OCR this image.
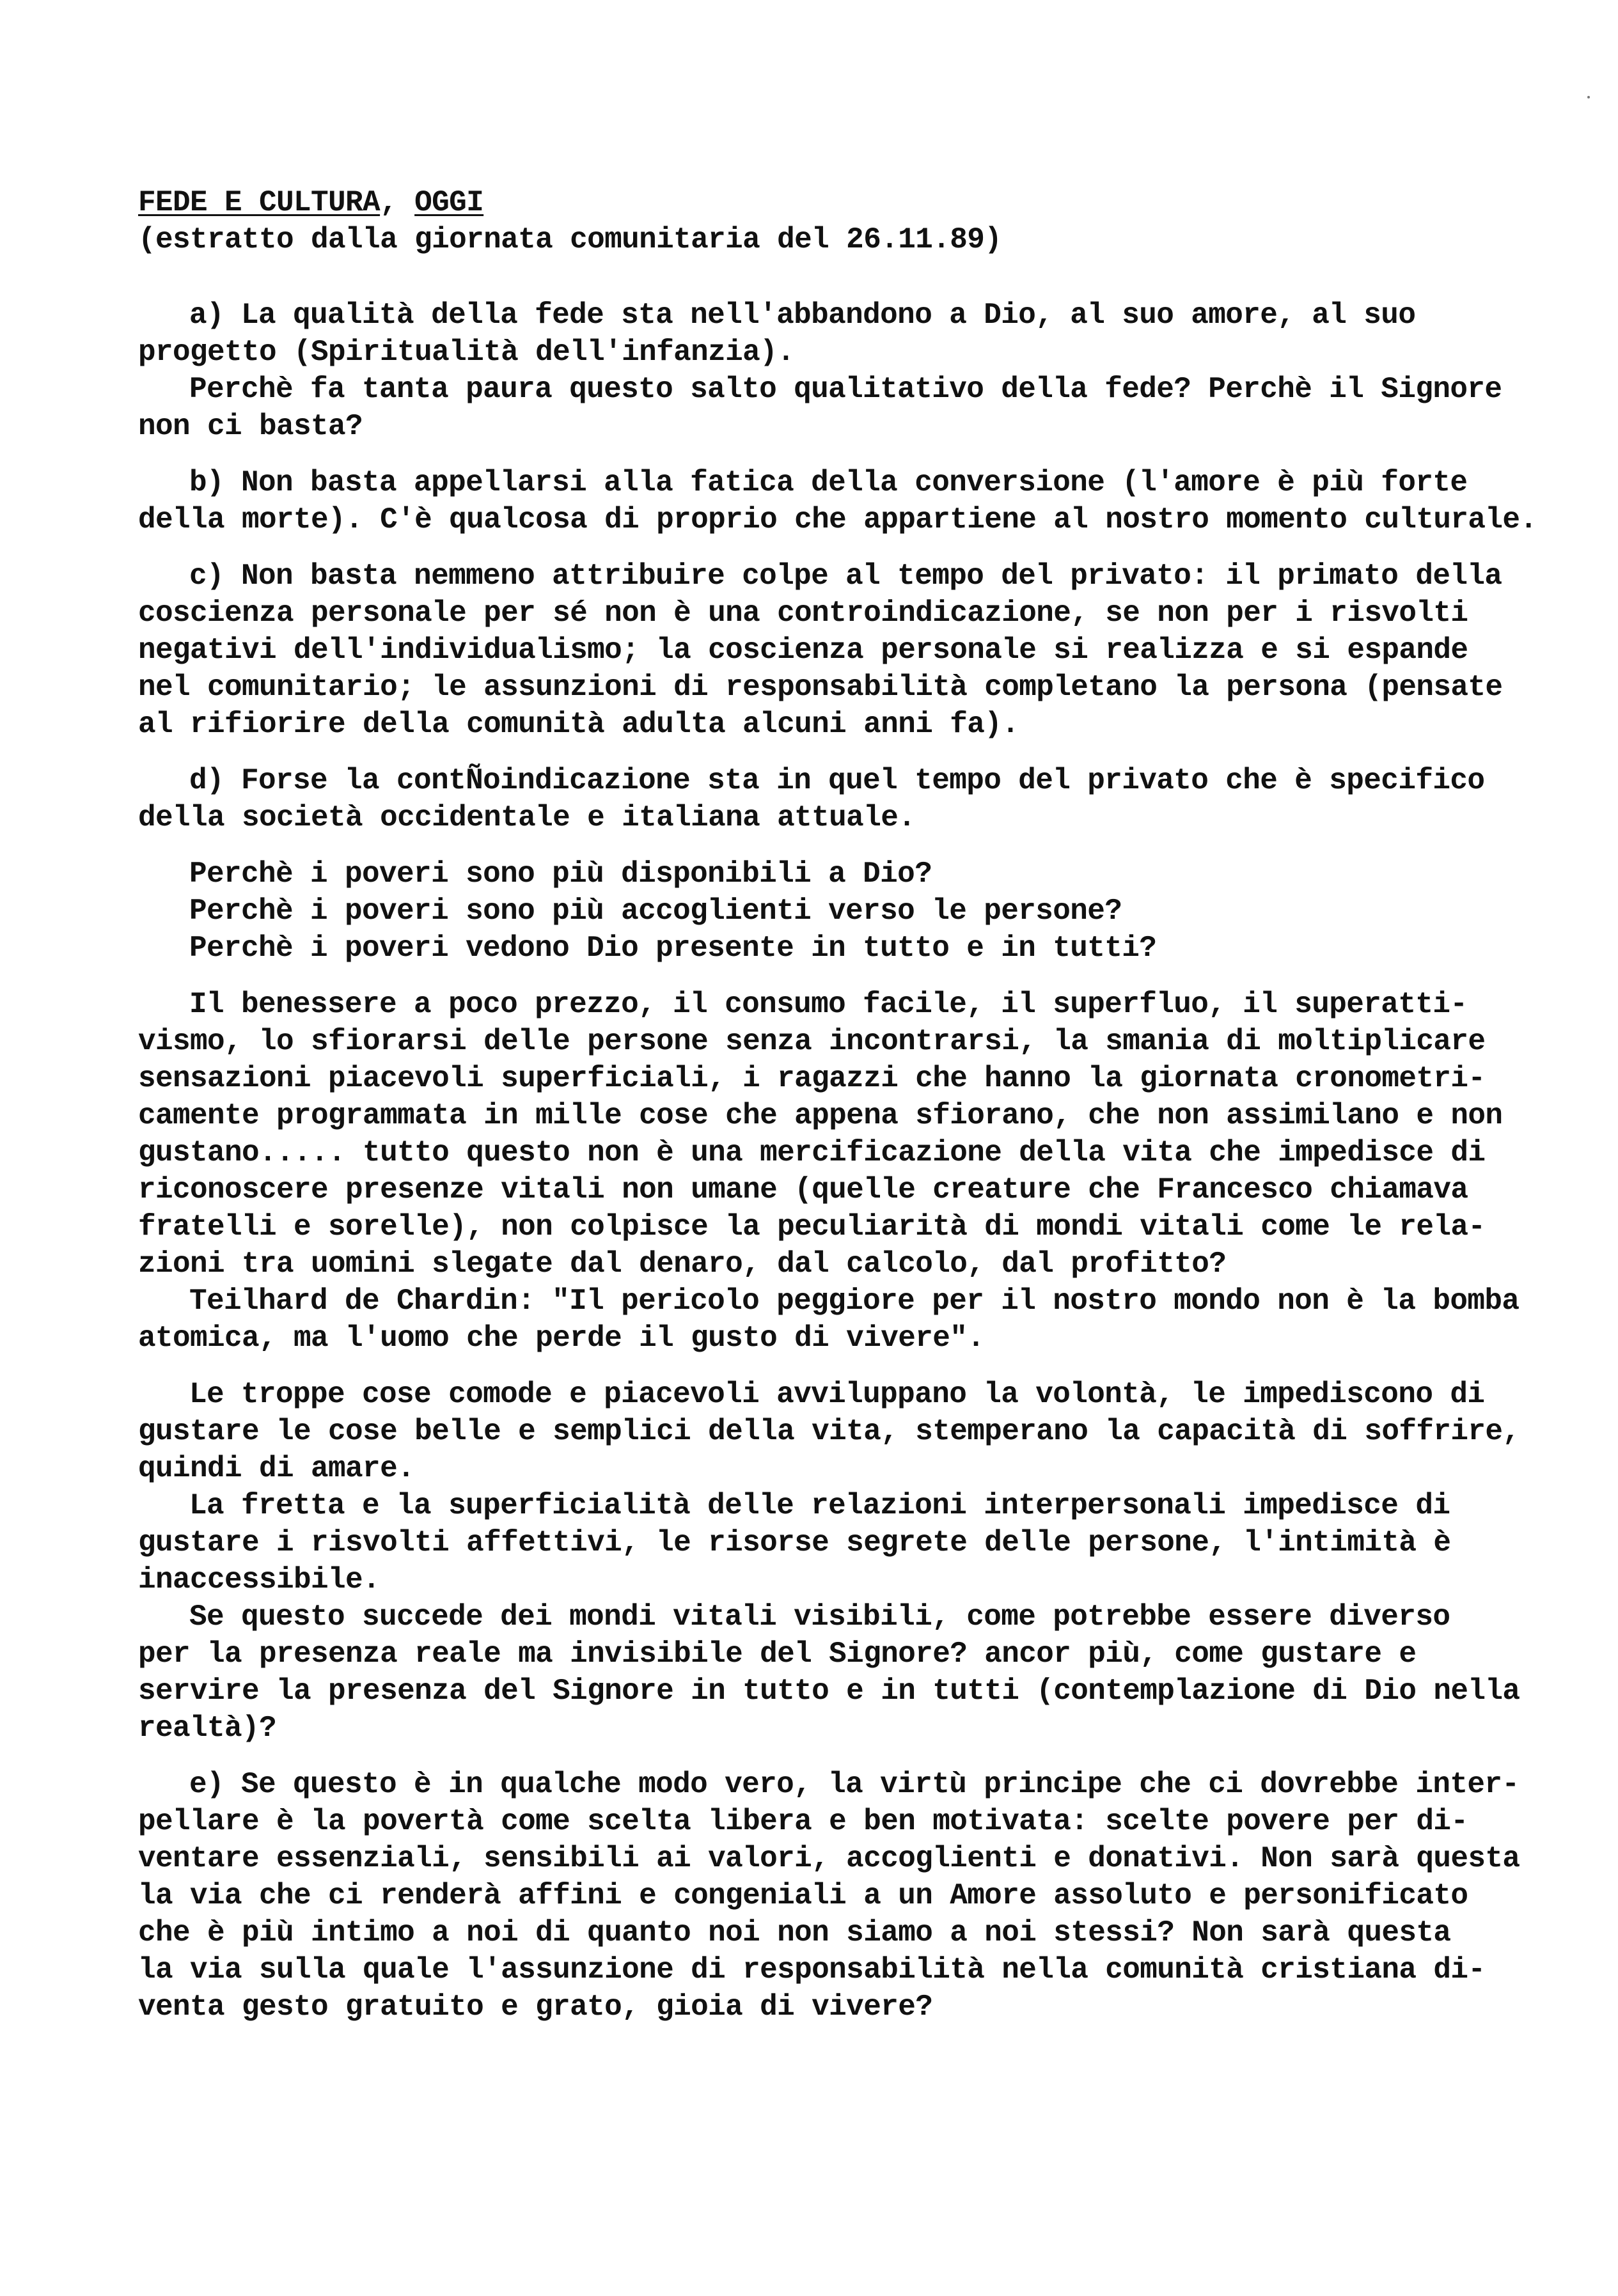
FEDE E CULTURA, OGGI
(estratto dalla giornata comunitaria del 26.11.89)
a) La qualità della fede sta nell'abbandono a Dio, al suo amore, al suo
progetto (Spiritualità dell'infanzia).
Perchè fa tanta paura questo salto qualitativo della fede? Perchè il Signore
non ci basta?
b) Non basta appellarsi alla fatica della conversione (l'amore è più forte
della morte). C'è qualcosa di proprio che appartiene al nostro momento culturale.
c) Non basta nemmeno attribuire colpe al tempo del privato: il primato della
coscienza personale per sé non è una controindicazione, se non per i risvolti
negativi dell'individualismo; la coscienza personale si realizza e si espande
nel comunitario; le assunzioni di responsabilità completano la persona (pensate
al rifiorire della comunità adulta alcuni anni fa).
d) Forse la contÑoindicazione sta in quel tempo del privato che è specifico
della società occidentale e italiana attuale.
Perchè i poveri sono più disponibili a Dio?
Perchè i poveri sono più accoglienti verso le persone?
Perchè i poveri vedono Dio presente in tutto e in tutti?
Il benessere a poco prezzo, il consumo facile, il superfluo, il superatti-
vismo, lo sfiorarsi delle persone senza incontrarsi, la smania di moltiplicare
sensazioni piacevoli superficiali, i ragazzi che hanno la giornata cronometri-
camente programmata in mille cose che appena sfiorano, che non assimilano e non
gustano..... tutto questo non è una mercificazione della vita che impedisce di
riconoscere presenze vitali non umane (quelle creature che Francesco chiamava
fratelli e sorelle), non colpisce la peculiarità di mondi vitali come le rela-
zioni tra uomini slegate dal denaro, dal calcolo, dal profitto?
Teilhard de Chardin: "Il pericolo peggiore per il nostro mondo non è la bomba
atomica, ma l'uomo che perde il gusto di vivere".
Le troppe cose comode e piacevoli avviluppano la volontà, le impediscono di
gustare le cose belle e semplici della vita, stemperano la capacità di soffrire,
quindi di amare.
La fretta e la superficialità delle relazioni interpersonali impedisce di
gustare i risvolti affettivi, le risorse segrete delle persone, l'intimità è
inaccessibile.
Se questo succede dei mondi vitali visibili, come potrebbe essere diverso
per la presenza reale ma invisibile del Signore? ancor più, come gustare e
servire la presenza del Signore in tutto e in tutti (contemplazione di Dio nella
realtà)?
e) Se questo è in qualche modo vero, la virtù principe che ci dovrebbe inter-
pellare è la povertà come scelta libera e ben motivata: scelte povere per di-
ventare essenziali, sensibili ai valori, accoglienti e donativi. Non sarà questa
la via che ci renderà affini e congeniali a un Amore assoluto e personificato
che è più intimo a noi di quanto noi non siamo a noi stessi? Non sarà questa
la via sulla quale l'assunzione di responsabilità nella comunità cristiana di-
venta gesto gratuito e grato, gioia di vivere?
